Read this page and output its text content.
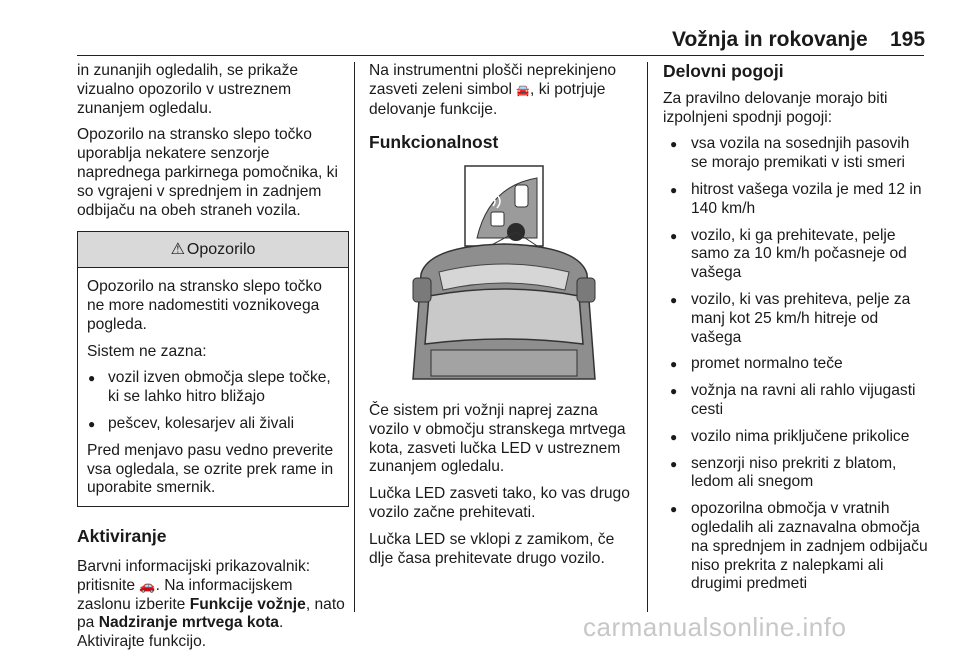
Vožnja in rokovanje 195

in zunanjih ogledalih, se prikaže vizualno opozorilo v ustreznem zunanjem ogledalu.

Opozorilo na stransko slepo točko uporablja nekatere senzorje naprednega parkirnega pomočnika, ki so vgrajeni v sprednjem in zadnjem odbijaču na obeh straneh vozila.

⚠ Opozorilo

Opozorilo na stransko slepo točko ne more nadomestiti voznikovega pogleda.

Sistem ne zazna:

● vozil izven območja slepe točke, ki se lahko hitro bližajo
● pešcev, kolesarjev ali živali

Pred menjavo pasu vedno preverite vsa ogledala, se ozrite prek rame in uporabite smernik.

Aktiviranje

Barvni informacijski prikazovalnik:
pritisnite 🚗. Na informacijskem zaslonu izberite Funkcije vožnje, nato pa Nadziranje mrtvega kota.
Aktivirajte funkcijo.

Na instrumentni plošči neprekinjeno zasveti zeleni simbol 🚘, ki potrjuje delovanje funkcije.

Funkcionalnost

Če sistem pri vožnji naprej zazna vozilo v območju stranskega mrtvega kota, zasveti lučka LED v ustreznem zunanjem ogledalu.

Lučka LED zasveti tako, ko vas drugo vozilo začne prehitevati.

Lučka LED se vklopi z zamikom, če dlje časa prehitevate drugo vozilo.

Delovni pogoji

Za pravilno delovanje morajo biti izpolnjeni spodnji pogoji:

● vsa vozila na sosednjih pasovih se morajo premikati v isti smeri
● hitrost vašega vozila je med 12 in 140 km/h
● vozilo, ki ga prehitevate, pelje samo za 10 km/h počasneje od vašega
● vozilo, ki vas prehiteva, pelje za manj kot 25 km/h hitreje od vašega
● promet normalno teče
● vožnja na ravni ali rahlo vijugasti cesti
● vozilo nima priključene prikolice
● senzorji niso prekriti z blatom, ledom ali snegom
● opozorilna območja v vratnih ogledalih ali zaznavalna območja na sprednjem in zadnjem odbijaču niso prekrita z nalepkami ali drugimi predmeti
carmanualsonline.info
